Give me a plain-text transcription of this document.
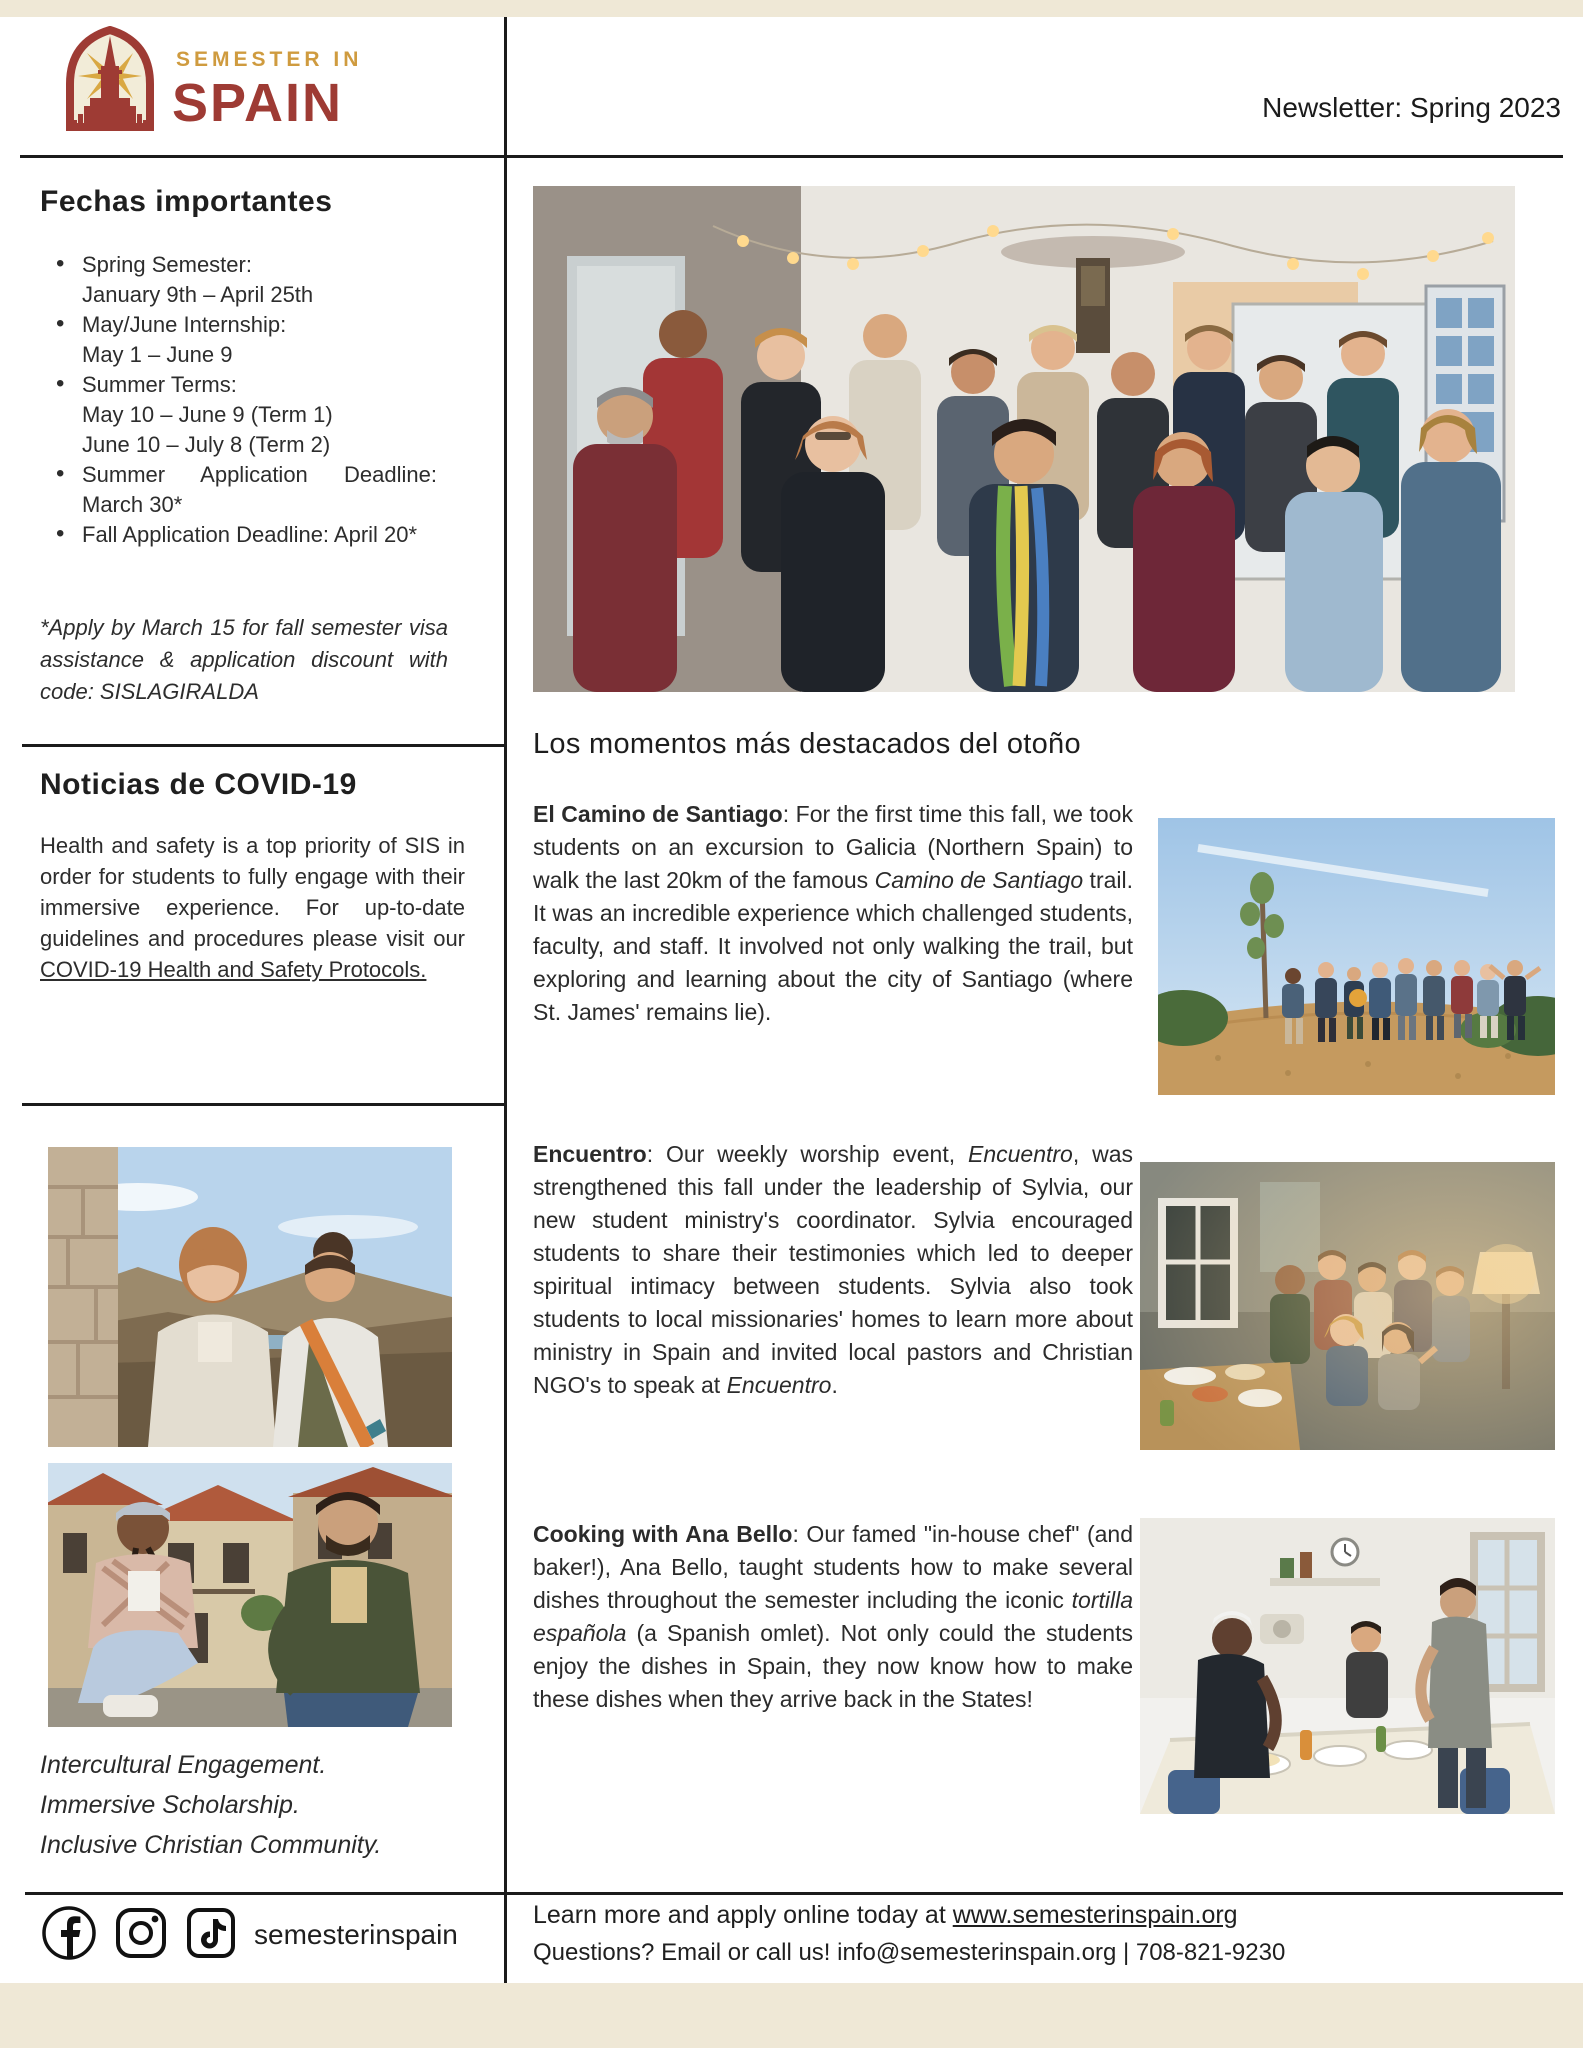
SEMESTER IN
SPAIN	Newsletter: Spring 2023
Fechas importantes
• Spring Semester:
January 9th – April 25th
• May/June Internship:
May 1 – June 9
• Summer Terms:
May 10 – June 9 (Term 1)
June 10 – July 8 (Term 2)
• Summer Application Deadline: March 30*
• Fall Application Deadline: April 20*
*Apply by March 15 for fall semester visa assistance & application discount with code: SISLAGIRALDA
Noticias de COVID-19
Health and safety is a top priority of SIS in order for students to fully engage with their immersive experience. For up-to-date guidelines and procedures please visit our COVID-19 Health and Safety Protocols.
Intercultural Engagement.
Immersive Scholarship.
Inclusive Christian Community.
Los momentos más destacados del otoño
El Camino de Santiago: For the first time this fall, we took students on an excursion to Galicia (Northern Spain) to walk the last 20km of the famous Camino de Santiago trail. It was an incredible experience which challenged students, faculty, and staff. It involved not only walking the trail, but exploring and learning about the city of Santiago (where St. James' remains lie).
Encuentro: Our weekly worship event, Encuentro, was strengthened this fall under the leadership of Sylvia, our new student ministry's coordinator. Sylvia encouraged students to share their testimonies which led to deeper spiritual intimacy between students. Sylvia also took students to local missionaries' homes to learn more about ministry in Spain and invited local pastors and Christian NGO's to speak at Encuentro.
Cooking with Ana Bello: Our famed "in-house chef" (and baker!), Ana Bello, taught students how to make several dishes throughout the semester including the iconic tortilla española (a Spanish omlet). Not only could the students enjoy the dishes in Spain, they now know how to make these dishes when they arrive back in the States!
semesterinspain
Learn more and apply online today at www.semesterinspain.org
Questions? Email or call us! info@semesterinspain.org | 708-821-9230
